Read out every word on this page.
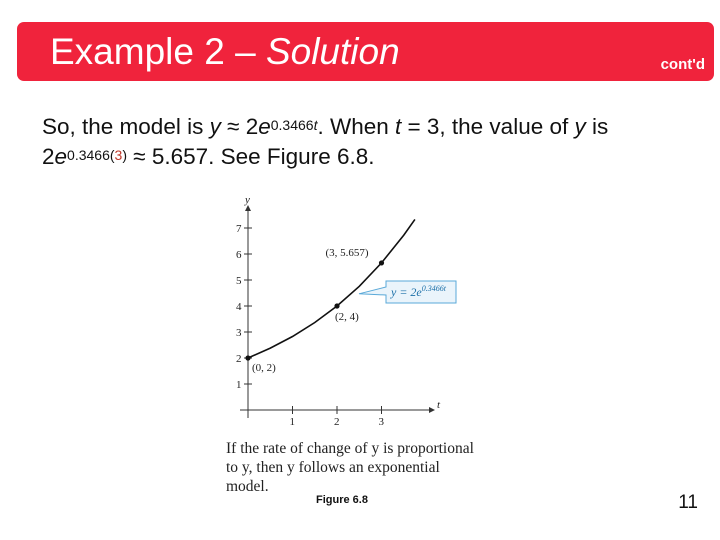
Example 2 – Solution	cont'd
So, the model is $y \approx 2e^{0.3466t}$. When t = 3, the value of y is
$2e^{0.3466(3)} \approx 5.657$. See Figure 6.8.
y
t
1
2
3
4
5
6
7
1	2	3
(0, 2)
(2, 4)
(3, 5.657)
$y = 2e^{0.3466t}$
If the rate of change of y is proportional to y, then y follows an exponential model.
Figure 6.8	11
